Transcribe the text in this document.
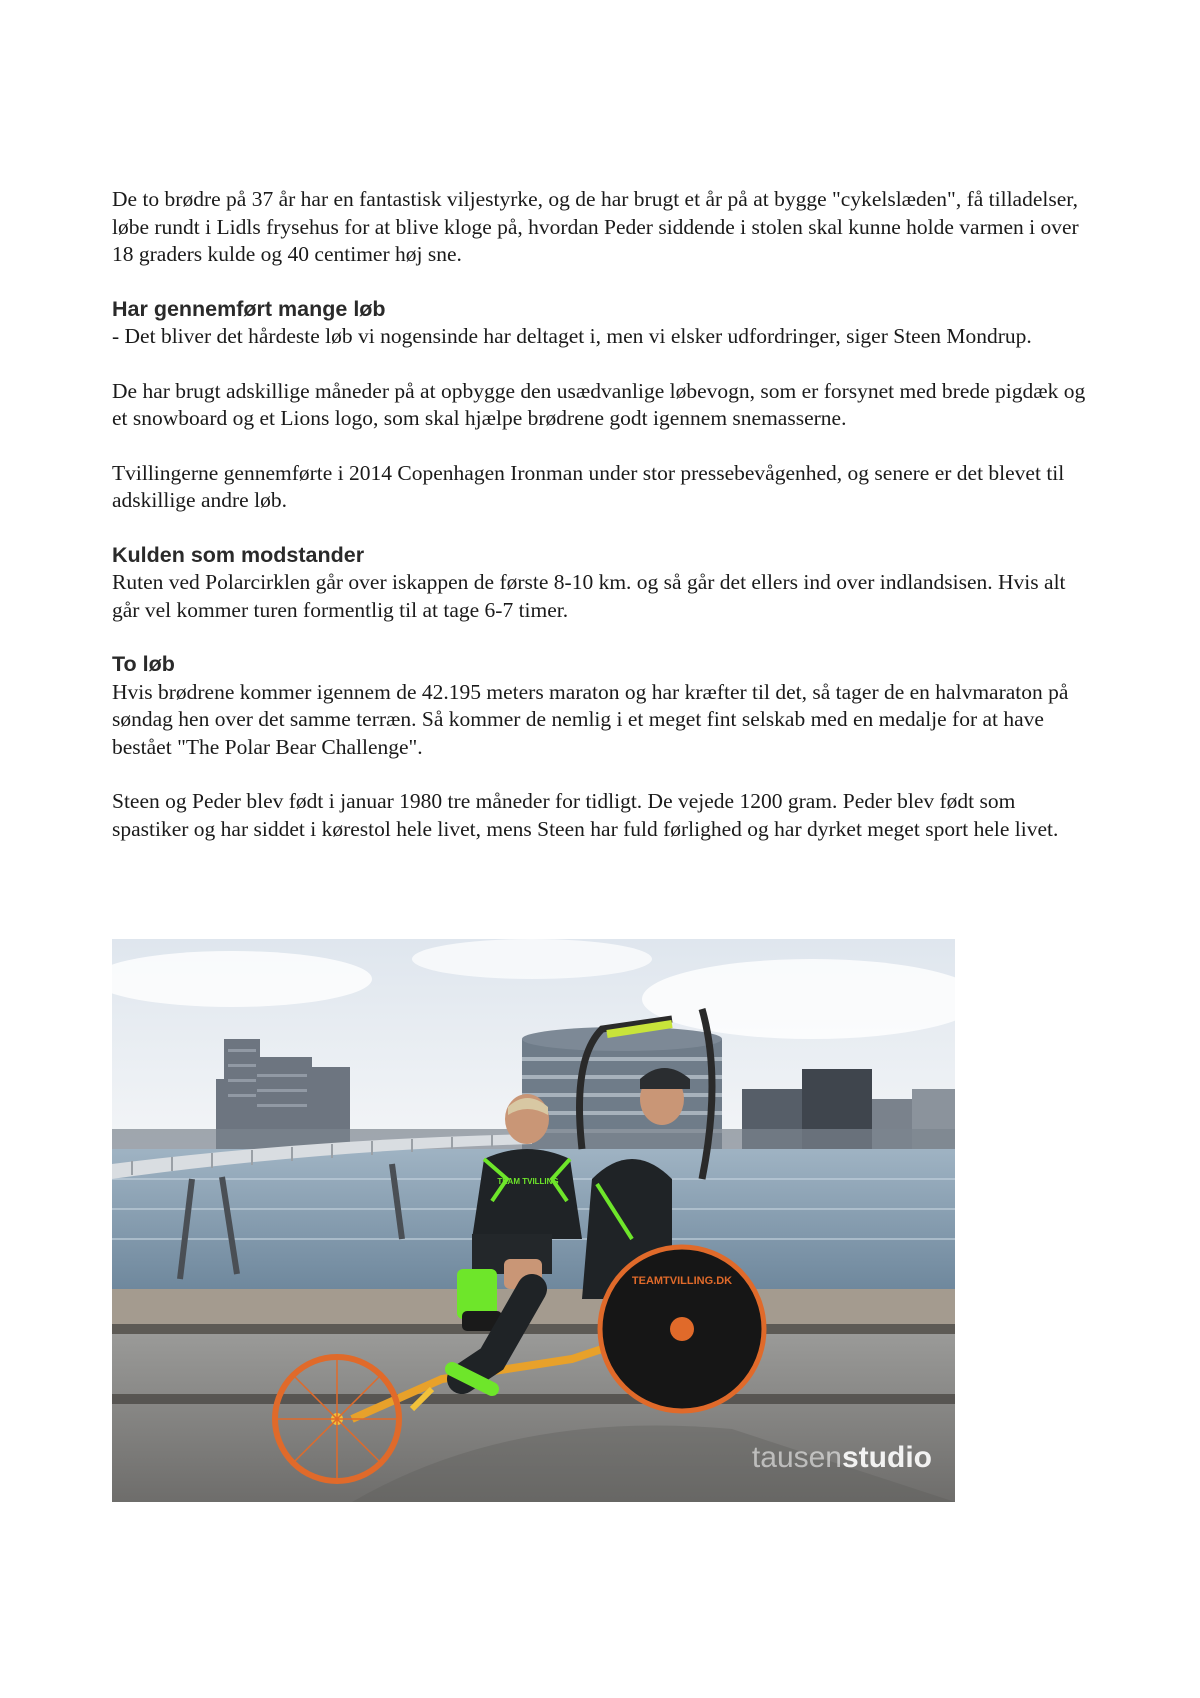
De to brødre på 37 år har en fantastisk viljestyrke, og de har brugt et år på at bygge "cykelslæden", få tilladelser, løbe rundt i Lidls frysehus for at blive kloge på, hvordan Peder siddende i stolen skal kunne holde varmen i over 18 graders kulde og 40 centimer høj sne.

Har gennemført mange løb

- Det bliver det hårdeste løb vi nogensinde har deltaget i, men vi elsker udfordringer, siger Steen Mondrup.

De har brugt adskillige måneder på at opbygge den usædvanlige løbevogn, som er forsynet med brede pigdæk og et snowboard og et Lions logo, som skal hjælpe brødrene godt igennem snemasserne.

Tvillingerne gennemførte i 2014 Copenhagen Ironman under stor pressebevågenhed, og senere er det blevet til adskillige andre løb.

Kulden som modstander

Ruten ved Polarcirklen går over iskappen de første 8-10 km. og så går det ellers ind over indlandsisen. Hvis alt går vel kommer turen formentlig til at tage 6-7 timer.

To løb

Hvis brødrene kommer igennem de 42.195 meters maraton og har kræfter til det, så tager de en halvmaraton på søndag hen over det samme terræn. Så kommer de nemlig i et meget fint selskab med en medalje for at have bestået "The Polar Bear Challenge".

Steen og Peder blev født i januar 1980 tre måneder for tidligt. De vejede 1200 gram. Peder blev født som spastiker og har siddet i kørestol hele livet, mens Steen har fuld førlighed og har dyrket meget sport hele livet.

TEAMTVILLING.DK
tausenstudio
TEAM TVILLING
